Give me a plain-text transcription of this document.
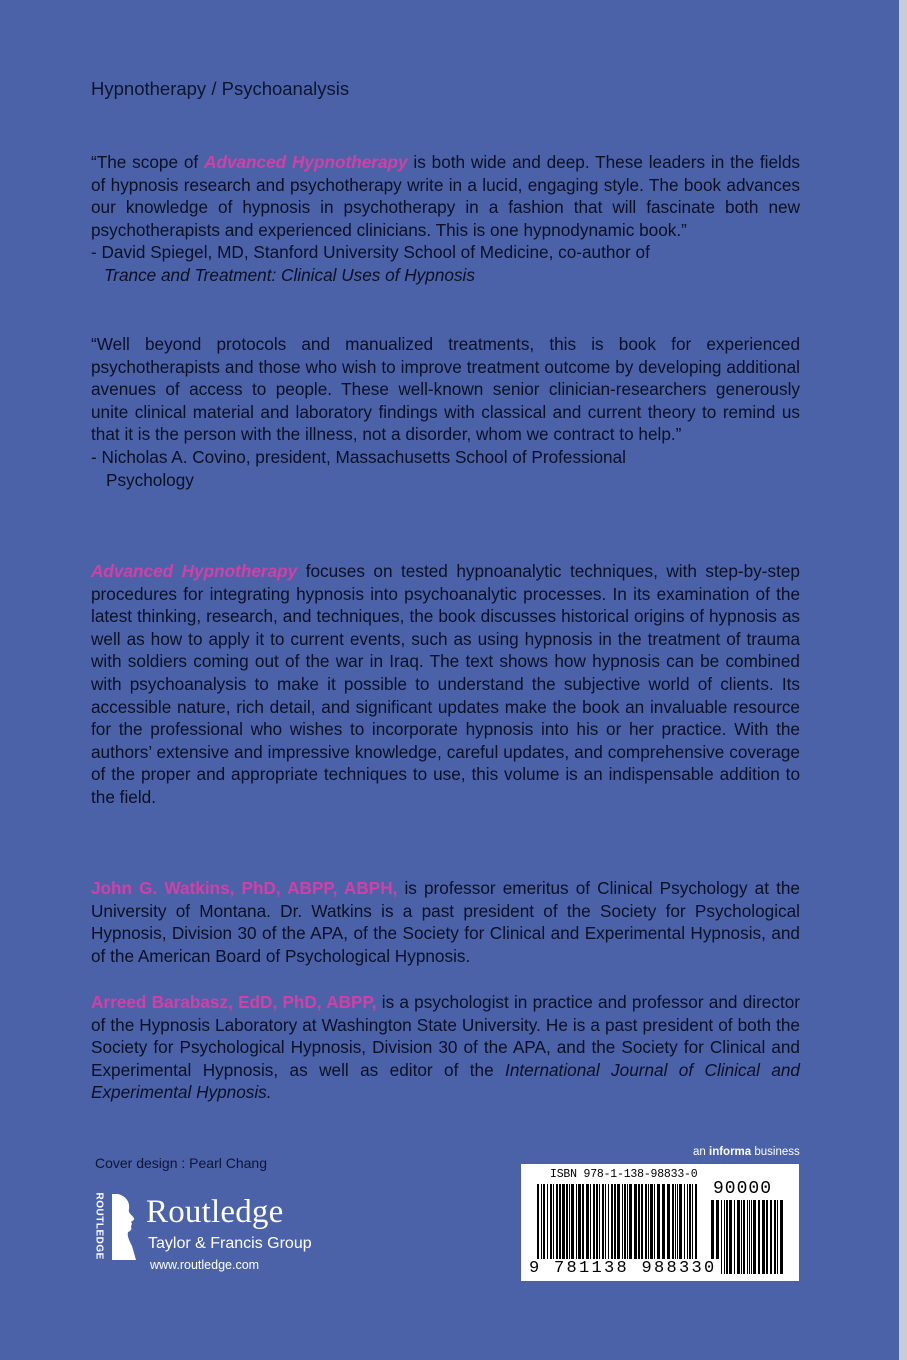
Hypnotherapy / Psychoanalysis

“The scope of Advanced Hypnotherapy is both wide and deep. These leaders in the fields of hypnosis research and psychotherapy write in a lucid, engaging style. The book advances our knowledge of hypnosis in psychotherapy in a fashion that will fascinate both new psychotherapists and experienced clinicians. This is one hypnodynamic book.”

- David Spiegel, MD, Stanford University School of Medicine, co-author of
Trance and Treatment: Clinical Uses of Hypnosis

“Well beyond protocols and manualized treatments, this is book for experienced psychotherapists and those who wish to improve treatment outcome by developing additional avenues of access to people. These well-known senior clinician-researchers generously unite clinical material and laboratory findings with classical and current theory to remind us that it is the person with the illness, not a disorder, whom we contract to help.”

- Nicholas A. Covino, president, Massachusetts School of Professional
Psychology

Advanced Hypnotherapy focuses on tested hypnoanalytic techniques, with step-by-step procedures for integrating hypnosis into psychoanalytic processes. In its examination of the latest thinking, research, and techniques, the book discusses historical origins of hypnosis as well as how to apply it to current events, such as using hypnosis in the treatment of trauma with soldiers coming out of the war in Iraq. The text shows how hypnosis can be combined with psychoanalysis to make it possible to understand the subjective world of clients. Its accessible nature, rich detail, and significant updates make the book an invaluable resource for the professional who wishes to incorporate hypnosis into his or her practice. With the authors’ extensive and impressive knowledge, careful updates, and comprehensive coverage of the proper and appropriate techniques to use, this volume is an indispensable addition to the field.

John G. Watkins, PhD, ABPP, ABPH, is professor emeritus of Clinical Psychology at the University of Montana. Dr. Watkins is a past president of the Society for Psychological Hypnosis, Division 30 of the APA, of the Society for Clinical and Experimental Hypnosis, and of the American Board of Psychological Hypnosis.

Arreed Barabasz, EdD, PhD, ABPP, is a psychologist in practice and professor and director of the Hypnosis Laboratory at Washington State University. He is a past president of both the Society for Psychological Hypnosis, Division 30 of the APA, and the Society for Clinical and Experimental Hypnosis, as well as editor of the International Journal of Clinical and Experimental Hypnosis.

Cover design : Pearl Chang
ROUTLEDGE Routledge
Taylor & Francis Group
www.routledge.com
an informa business
ISBN 978-1-138-98833-0
90000
9 781138 988330
